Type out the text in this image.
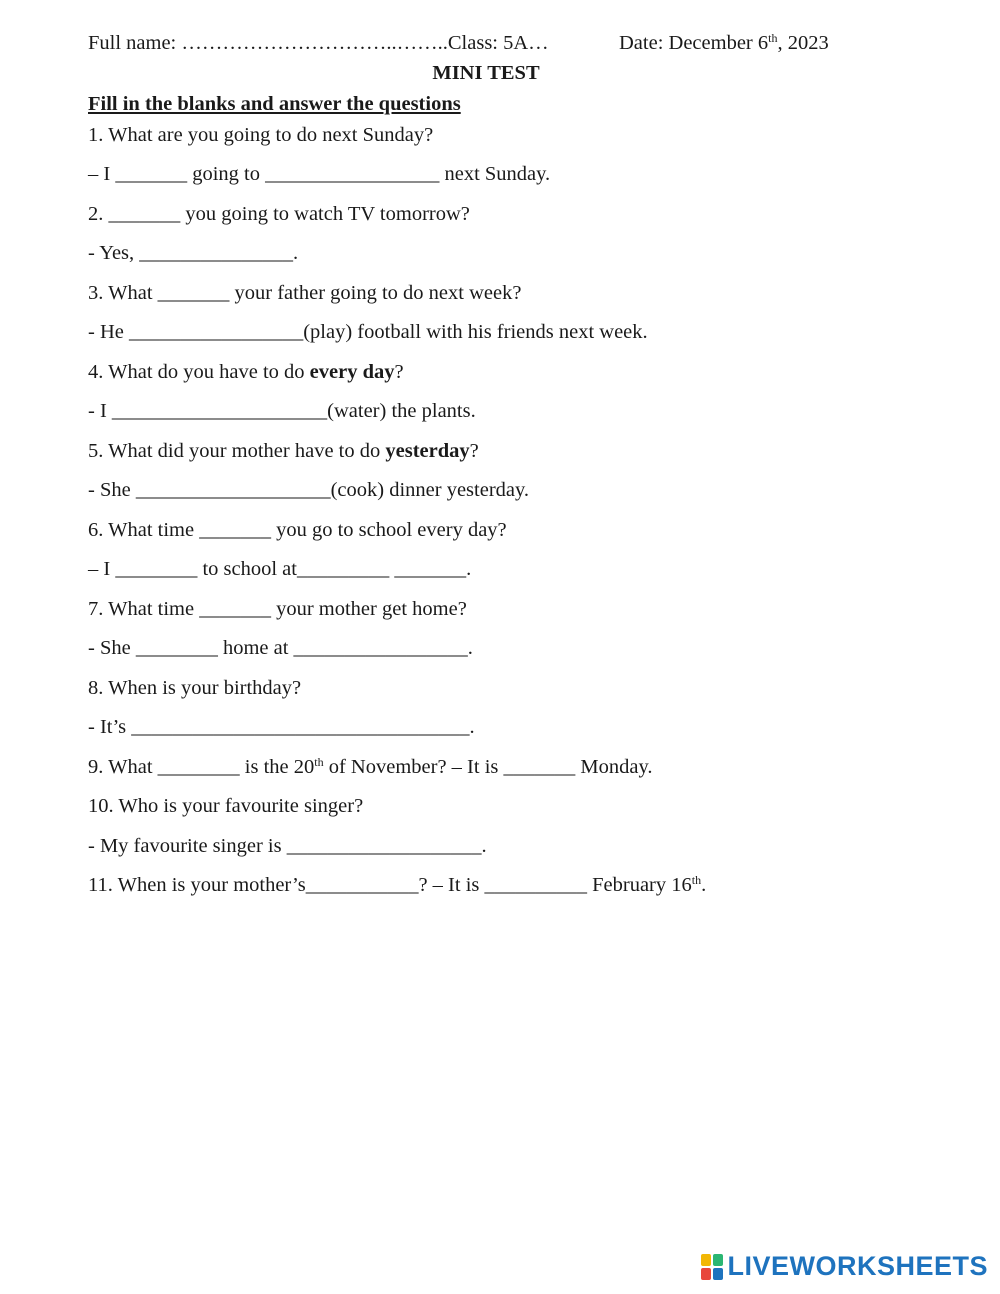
Full name: …………………………..……..Class: 5A…	Date: December 6th, 2023
MINI TEST
Fill in the blanks and answer the questions
1. What are you going to do next Sunday?
– I _______ going to _________________ next Sunday.
2. _______ you going to watch TV tomorrow?
- Yes, _______________.
3. What _______ your father going to do next week?
- He _________________(play) football with his friends next week.
4. What do you have to do every day?
- I _____________________(water) the plants.
5. What did your mother have to do yesterday?
- She ___________________(cook) dinner yesterday.
6. What time _______ you go to school every day?
– I ________ to school at_________ _______.
7. What time _______ your mother get home?
- She ________ home at _________________.
8. When is your birthday?
- It’s _________________________________.
9. What ________ is the 20th of November? – It is _______ Monday.
10. Who is your favourite singer?
- My favourite singer is ___________________.
11. When is your mother’s___________? – It is __________ February 16th.
LIVEWORKSHEETS
